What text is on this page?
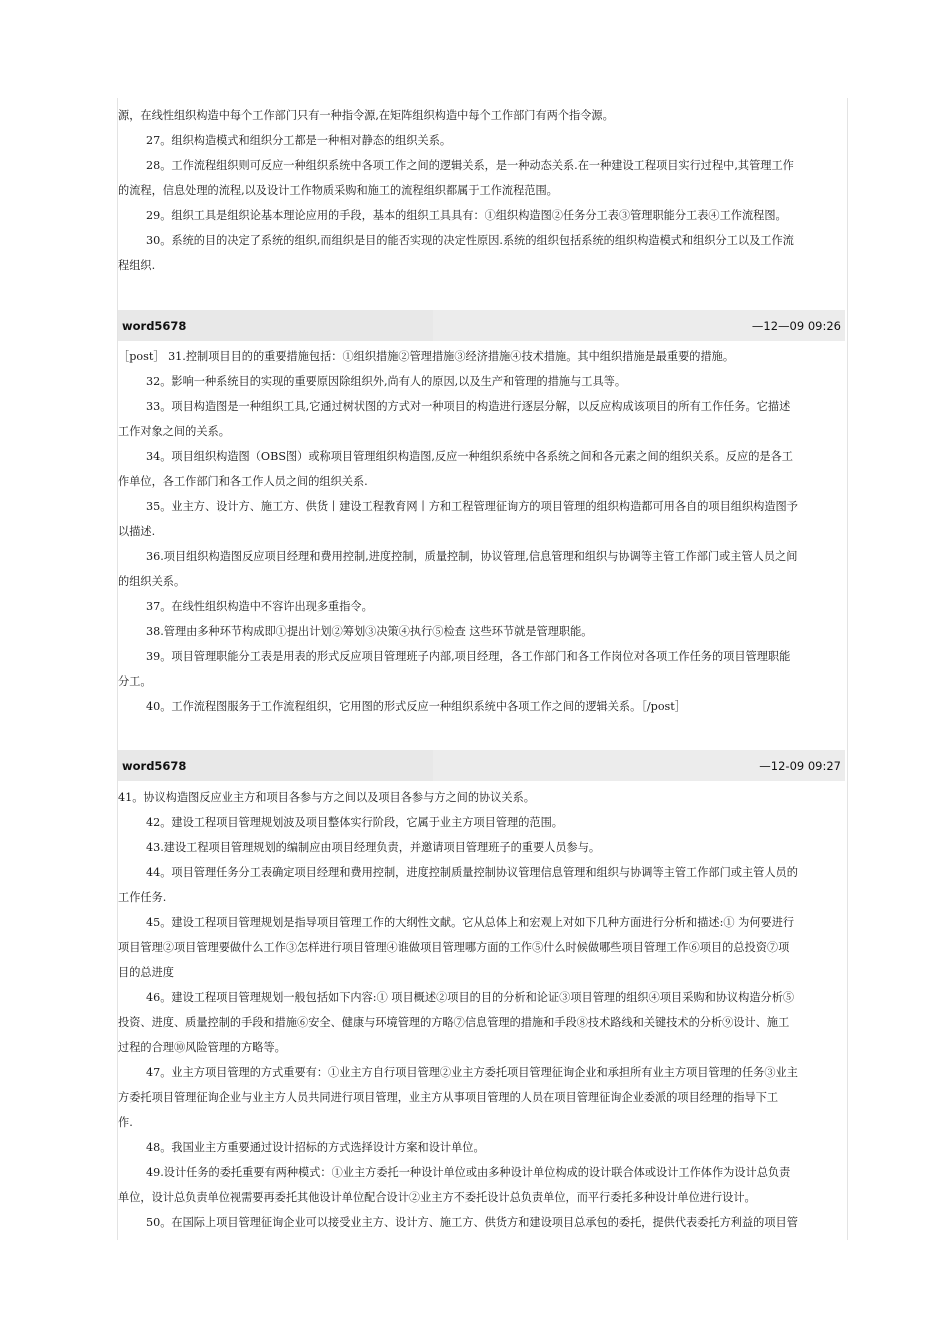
源，在线性组织构造中每个工作部门只有一种指令源,在矩阵组织构造中每个工作部门有两个指令源。
27。组织构造模式和组织分工都是一种相对静态的组织关系。
28。工作流程组织则可反应一种组织系统中各项工作之间的逻辑关系，是一种动态关系.在一种建设工程项目实行过程中,其管理工作
的流程，信息处理的流程,以及设计工作物质采购和施工的流程组织都属于工作流程范围。
29。组织工具是组织论基本理论应用的手段，基本的组织工具具有：①组织构造图②任务分工表③管理职能分工表④工作流程图。
30。系统的目的决定了系统的组织,而组织是目的能否实现的决定性原因.系统的组织包括系统的组织构造模式和组织分工以及工作流
程组织.
word5678	—12—09 09:26
［post］ 31.控制项目目的的重要措施包括：①组织措施②管理措施③经济措施④技术措施。其中组织措施是最重要的措施。
32。影响一种系统目的实现的重要原因除组织外,尚有人的原因,以及生产和管理的措施与工具等。
33。项目构造图是一种组织工具,它通过树状图的方式对一种项目的构造进行逐层分解，以反应构成该项目的所有工作任务。它描述
工作对象之间的关系。
34。项目组织构造图（OBS图）或称项目管理组织构造图,反应一种组织系统中各系统之间和各元素之间的组织关系。反应的是各工
作单位，各工作部门和各工作人员之间的组织关系.
35。业主方、设计方、施工方、供货丨建设工程教育网丨方和工程管理征询方的项目管理的组织构造都可用各自的项目组织构造图予
以描述.
36.项目组织构造图反应项目经理和费用控制,进度控制，质量控制，协议管理,信息管理和组织与协调等主管工作部门或主管人员之间
的组织关系。
37。在线性组织构造中不容许出现多重指令。
38.管理由多种环节构成即①提出计划②筹划③决策④执行⑤检查 这些环节就是管理职能。
39。项目管理职能分工表是用表的形式反应项目管理班子内部,项目经理，各工作部门和各工作岗位对各项工作任务的项目管理职能
分工。
40。工作流程图服务于工作流程组织，它用图的形式反应一种组织系统中各项工作之间的逻辑关系。［/post］
word5678	—12-09 09:27
41。协议构造图反应业主方和项目各参与方之间以及项目各参与方之间的协议关系。
42。建设工程项目管理规划波及项目整体实行阶段，它属于业主方项目管理的范围。
43.建设工程项目管理规划的编制应由项目经理负责，并邀请项目管理班子的重要人员参与。
44。项目管理任务分工表确定项目经理和费用控制，进度控制质量控制协议管理信息管理和组织与协调等主管工作部门或主管人员的
工作任务.
45。建设工程项目管理规划是指导项目管理工作的大纲性文献。它从总体上和宏观上对如下几种方面进行分析和描述:① 为何要进行
项目管理②项目管理要做什么工作③怎样进行项目管理④谁做项目管理哪方面的工作⑤什么时候做哪些项目管理工作⑥项目的总投资⑦项
目的总进度
46。建设工程项目管理规划一般包括如下内容:① 项目概述②项目的目的分析和论证③项目管理的组织④项目采购和协议构造分析⑤
投资、进度、质量控制的手段和措施⑥安全、健康与环境管理的方略⑦信息管理的措施和手段⑧技术路线和关键技术的分析⑨设计、施工
过程的合理⑩风险管理的方略等。
47。业主方项目管理的方式重要有：①业主方自行项目管理②业主方委托项目管理征询企业和承担所有业主方项目管理的任务③业主
方委托项目管理征询企业与业主方人员共同进行项目管理，业主方从事项目管理的人员在项目管理征询企业委派的项目经理的指导下工
作.
48。我国业主方重要通过设计招标的方式选择设计方案和设计单位。
49.设计任务的委托重要有两种模式：①业主方委托一种设计单位或由多种设计单位构成的设计联合体或设计工作体作为设计总负责
单位，设计总负责单位视需要再委托其他设计单位配合设计②业主方不委托设计总负责单位，而平行委托多种设计单位进行设计。
50。在国际上项目管理征询企业可以接受业主方、设计方、施工方、供货方和建设项目总承包的委托，提供代表委托方利益的项目管
